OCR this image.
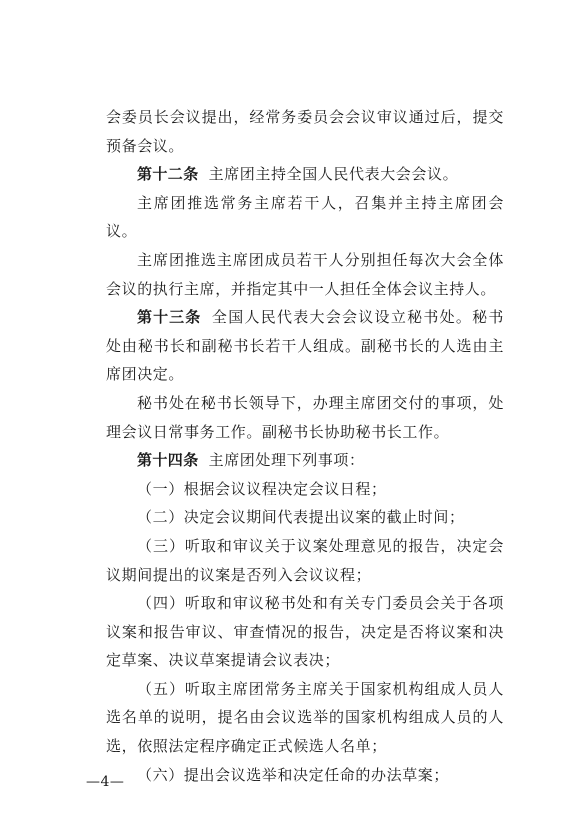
会委员长会议提出，经常务委员会会议审议通过后，提交预备会议。

第十二条 主席团主持全国人民代表大会会议。

主席团推选常务主席若干人，召集并主持主席团会议。

主席团推选主席团成员若干人分别担任每次大会全体会议的执行主席，并指定其中一人担任全体会议主持人。

第十三条 全国人民代表大会会议设立秘书处。秘书处由秘书长和副秘书长若干人组成。副秘书长的人选由主席团决定。

秘书处在秘书长领导下，办理主席团交付的事项，处理会议日常事务工作。副秘书长协助秘书长工作。

第十四条 主席团处理下列事项：

（一）根据会议议程决定会议日程；

（二）决定会议期间代表提出议案的截止时间；

（三）听取和审议关于议案处理意见的报告，决定会议期间提出的议案是否列入会议议程；

（四）听取和审议秘书处和有关专门委员会关于各项议案和报告审议、审查情况的报告，决定是否将议案和决定草案、决议草案提请会议表决；

（五）听取主席团常务主席关于国家机构组成人员人选名单的说明，提名由会议选举的国家机构组成人员的人选，依照法定程序确定正式候选人名单；

（六）提出会议选举和决定任命的办法草案；

—4—
